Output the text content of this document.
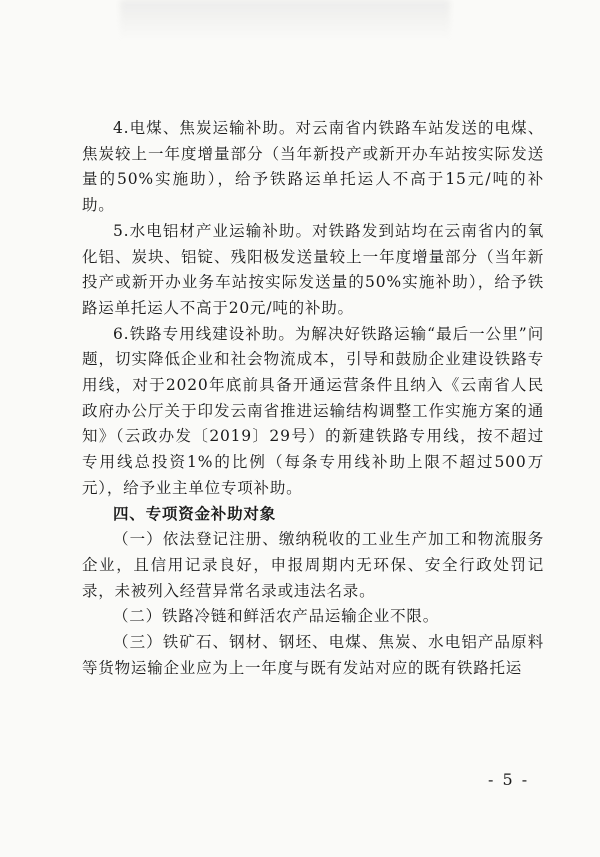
4.电煤、焦炭运输补助。对云南省内铁路车站发送的电煤、焦炭较上一年度增量部分（当年新投产或新开办车站按实际发送量的50%实施助），给予铁路运单托运人不高于15元/吨的补助。

5.水电铝材产业运输补助。对铁路发到站均在云南省内的氧化铝、炭块、铝锭、残阳极发送量较上一年度增量部分（当年新投产或新开办业务车站按实际发送量的50%实施补助），给予铁路运单托运人不高于20元/吨的补助。

6.铁路专用线建设补助。为解决好铁路运输“最后一公里”问题，切实降低企业和社会物流成本，引导和鼓励企业建设铁路专用线，对于2020年底前具备开通运营条件且纳入《云南省人民政府办公厅关于印发云南省推进运输结构调整工作实施方案的通知》（云政办发〔2019〕29号）的新建铁路专用线，按不超过专用线总投资1%的比例（每条专用线补助上限不超过500万元），给予业主单位专项补助。

四、专项资金补助对象

（一）依法登记注册、缴纳税收的工业生产加工和物流服务企业，且信用记录良好，申报周期内无环保、安全行政处罚记录，未被列入经营异常名录或违法名录。

（二）铁路冷链和鲜活农产品运输企业不限。

（三）铁矿石、钢材、钢坯、电煤、焦炭、水电铝产品原料等货物运输企业应为上一年度与既有发站对应的既有铁路托运

- 5 -
